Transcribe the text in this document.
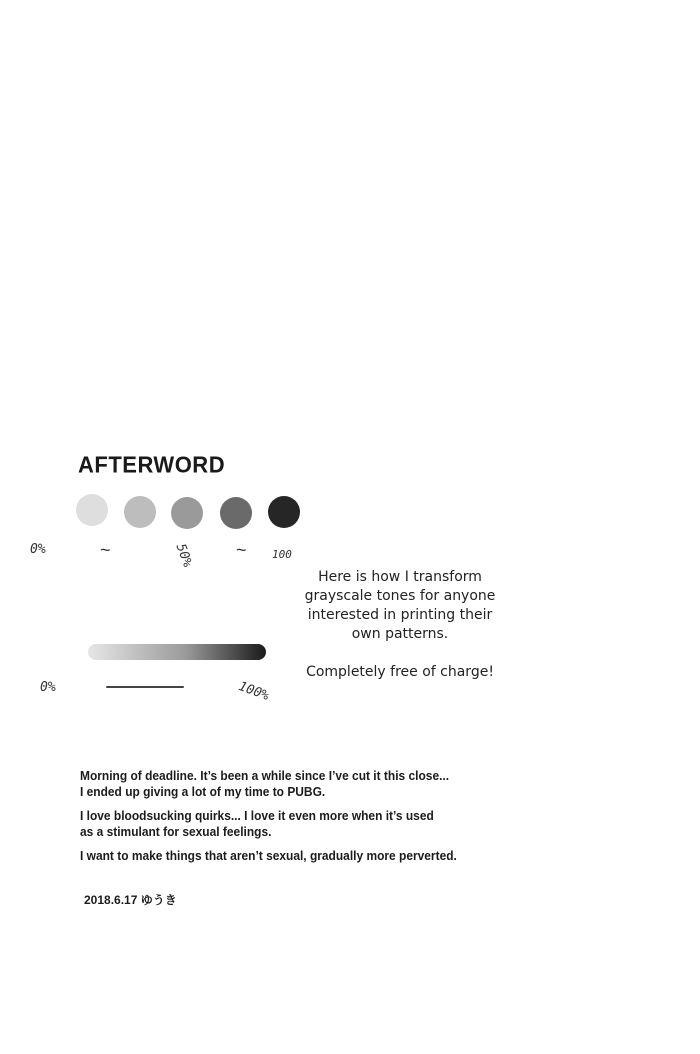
AFTERWORD
0%	~	50% ~ 100
0%	100%

Here is how I transform

grayscale tones for anyone

interested in printing their

own patterns.

Completely free of charge!

Morning of deadline. It’s been a while since I’ve cut it this close...
I ended up giving a lot of my time to PUBG.

I love bloodsucking quirks... I love it even more when it’s used
as a stimulant for sexual feelings.

I want to make things that aren’t sexual, gradually more perverted.

2018.6.17 ゆうき
